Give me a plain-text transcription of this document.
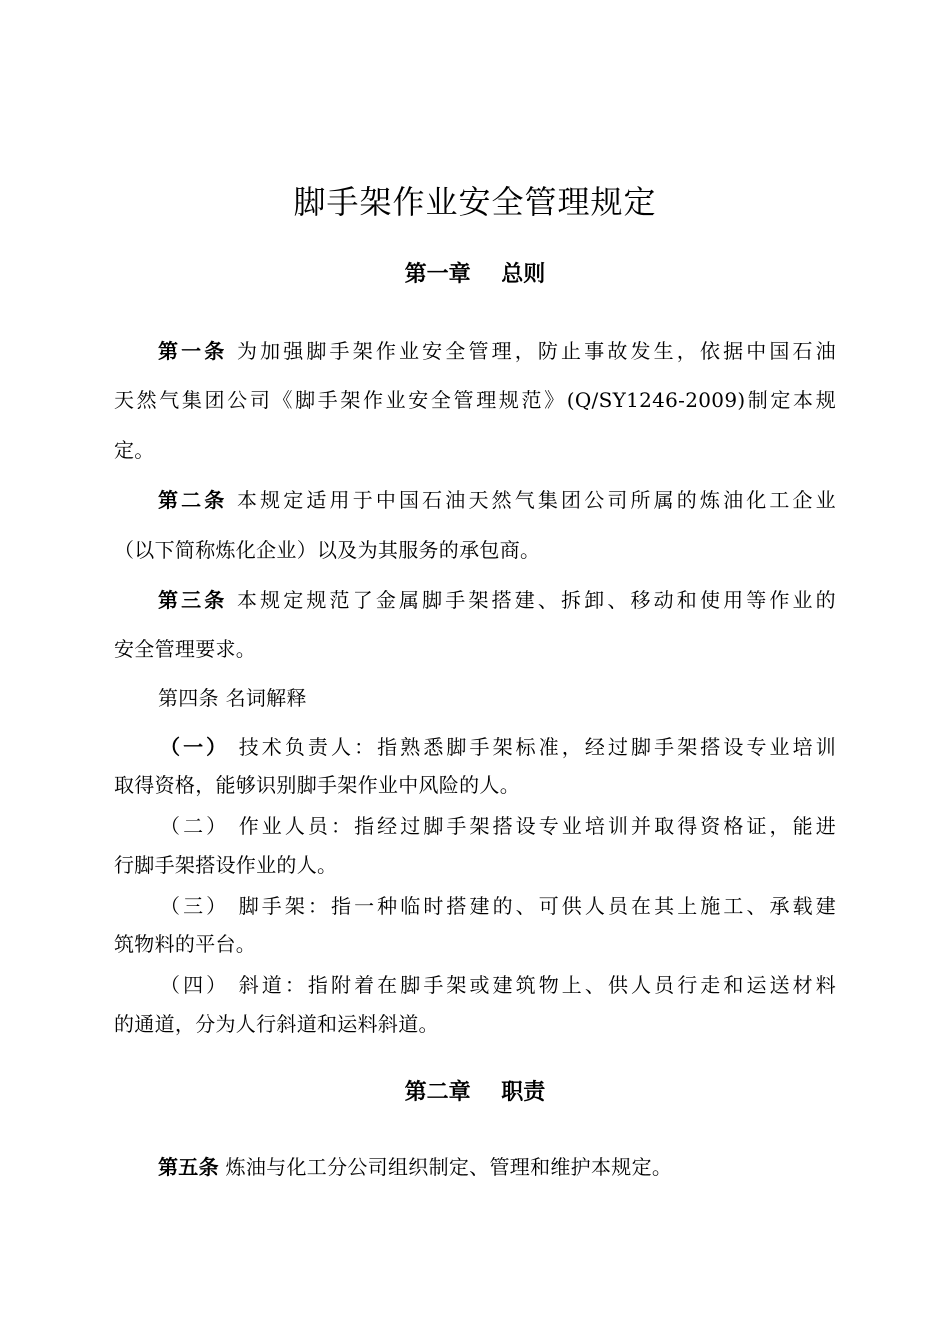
脚手架作业安全管理规定
第一章    总则
第一条 为加强脚手架作业安全管理，防止事故发生，依据中国石油
天然气集团公司《脚手架作业安全管理规范》(Q/SY1246-2009)制定本规
定。
第二条 本规定适用于中国石油天然气集团公司所属的炼油化工企业
（以下简称炼化企业）以及为其服务的承包商。
第三条 本规定规范了金属脚手架搭建、拆卸、移动和使用等作业的
安全管理要求。
第四条 名词解释
（一） 技术负责人：指熟悉脚手架标准，经过脚手架搭设专业培训
取得资格，能够识别脚手架作业中风险的人。
（二） 作业人员：指经过脚手架搭设专业培训并取得资格证，能进
行脚手架搭设作业的人。
（三） 脚手架：指一种临时搭建的、可供人员在其上施工、承载建
筑物料的平台。
（四） 斜道：指附着在脚手架或建筑物上、供人员行走和运送材料
的通道，分为人行斜道和运料斜道。
第二章    职责
第五条 炼油与化工分公司组织制定、管理和维护本规定。
